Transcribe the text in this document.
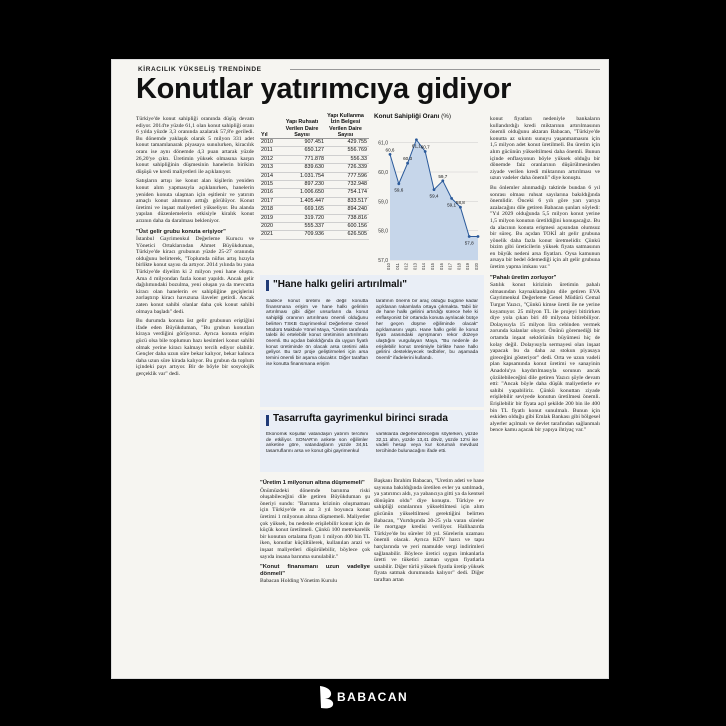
KİRACILIK YÜKSELİŞ TRENDİNDE
Konutlar yatırımcıya gidiyor

Türkiye'de konut sahipliği oranında düşüş devam ediyor. 2014'te yüzde 61,1 olan konut sahipliği oranı 6 yılda yüzde 3,3 oranında azalarak 57,8'e geriledi. Bu dönemde yaklaşık olarak 5 milyon 331 adet konut tamamlanarak piyasaya sunulurken, kiracılık oranı ise aynı dönemde 4,3 puan artarak yüzde 26,20'ye çıktı. Üretimin yüksek olmasına karşın konut sahipliğinin düşmesinin hanelerin birikim düşüşü ve kredi maliyetleri ile açıklanıyor.

Satışların artışı ise konut alan kişilerin yeniden konut alım yapmasıyla açıklanırken, hanelerin yeniden konuta ulaşman için eşitlenir ve yatırım amaçlı konut alımının arttığı görülüyor. Konut üretimi ve inşaat maliyetleri yükseliyor. Bu alanda yapılan düzenlemelerin etkisiyle kiralık konut arzının daha da daralması bekleniyor.

"Üst gelir grubu konuta erişiyor"

İstanbul Gayrimenkul Değerleme Kurucu ve Yönetici Ortaklarından Ahmet Büyükduman, Türkiye'de kiracı grubunun yüzde 25-27 oranında olduğunu belirterek, "Toplumda nüfus artış hızıyla birlikte konut sayısı da artıyor. 2014 yılında bu yana Türkiye'de diyelim ki 2 milyon yeni hane oluştu. Ama 4 milyondan fazla konut yapıldı. Ancak gelir dağılımındaki bozulma, yeni oluşan ya da mevcutta kiracı olan hanelerin ev sahipliğine geçişlerini zorlaştırıp kiracı havuzuna ilaveler getirdi. Ancak zaten konut sahibi olanlar daha çok konut sahibi olmaya başladı" dedi.

Bu durumda konuta üst gelir grubunun eriştiğini ifade eden Büyükduman, "Bu grubun konutları kiraya verdiğini görüyoruz. Ayrıca konuta erişim gücü olsa bile toplumun bazı kesimleri konut sahibi olmak yerine kiracı kalmayı tercih ediyor olabilir. Gençler daha uzun süre bekar kalıyor, bekar kalınca daha uzun süre kirada kalıyor. Bu grubun da toplum içindeki payı artıyor. Bir de böyle bir sosyolojik gerçeklik var" dedi.

Yıl
Yapı Ruhsatı Verilen Daire Sayısı
Yapı Kullanma İzin Belgesi Verilen Daire Sayısı
2010	907.451	429.755
2011	650.127	556.769
2012	771.878	556.33
2013	839.630	726.339
2014	1.031.754	777.596
2015	897.230	732.948
2016	1.006.650	754.174
2017	1.405.447	833.517
2018	669.165	894.240
2019	319.720	738.816
2020	555.337	600.156
2021	709.936	626.505
Konut Sahipliği Oranı (%)
61,0
60,0
59,0
58,0
57,0
60,6
59,6
60,3
61,1 60,7
59,4
59,7
59,1 58,8
57,8
2010 2011 2012 2013 2014 2015 2016 2017 2018 2019 2020
"Hane halkı geliri artırılmalı"
Sadece konut üretimi ile değil konutta finansmana erişim ve hane halkı gelirinin artırılması gibi diğer unsurların da konut sahipliği oranının artırılması önemli olduğunu belirten TSKB Gayrimenkul Değerleme Genel Müdürü Makbule Yönel Maya, "Üretim tarafında talebi iki ertelebilir konut üretiminin artırılması önemli. Bu açıdan bakıldığında da uygun fiyatlı konut üretiminde ön olacak arsa üretimi akla geliyor. Bu tarz proje geliştirmeleri için arsa temini önemli bir aşama olacaktır. Diğer taraftan ise konutta finansmana erişim
tarafının önemli bir araç olduğu bugüne kadar açıklanan rakamlarla ortaya çıkmakta. Tabii bir de hane halkı gelirini artırdığı sürece hele ki enflasyonist bir ortamda konuta ayrılacak bütçe her geçen düşme eğiliminde olacak" açıklamasını yaptı. Hane halkı geliri ile konut fiyatı arasındaki ayrışmanın rekor düzeye ulaştığını vurgulayan Maya, "Bu nedenle de erişilebilir konut üretimiyle birlikte hane halkı gelirini destekleyecek tedbirler, bu aşamada önemli" ifadelerini kullandı.
Tasarrufta gayrimenkul birinci sırada
Ekonomik koşullar vatandaşın yatırım tercihini de etkiliyor. SONAR'ın ankete son eğilimler anketine göre, vatandaşların yüzde 34,51 tasarruflarını arsa ve konut gibi gayrimenkul
varlıklarda değerlendireceğini söylerken, yüzde 32,11 altın, yüzde 13,41 döviz, yüzde 12'si ise vadeli hesap veya kur korumalı mevduat tercihinde bulunacağını ifade etti.
"Üretim 1 milyonun altına düşmemeli"

Önümüzdeki dönemde barınma riski oluşabileceğini dile getiren Büyükduman şu öneriyi sundu: "Barınma krizinin oluşmaması için Türkiye'de en az 3 yıl boyunca konut üretimi 1 milyonun altına düşmemeli. Maliyetler çok yüksek, bu nedenle erişilebilir konut için de küçük konut üretilmeli. Çünkü 100 metrekarelik bir konutun ortalama fiyatı 1 milyon 400 bin TL iken, konutlar küçültülerek, kullanılan arazi ve inşaat maliyetleri düşürülebilir, böylece çok sayıda insana barınma sunulabilir."

"Konut finansmanı uzun vadeliye dönmeli"

Babacan Holding Yönetim Kurulu

Başkanı İbrahim Babacan, "Üretim adeti ve hane sayısına bakıldığında üretilen evler ya satılmadı, ya yatırımcı aldı, ya yabancıya gitti ya da kentsel dönüşüm oldu" diye konuştu. Türkiye ev sahipliği oranlarının yükseltilmesi için alım gücünün yükseltilmesi gerektiğini belirten Babacan, "Yurtdışında 20-25 yıla varan süreler ile mortgage kredisi veriliyor. Halihazırda Türkiye'de bu süreler 10 yıl. Sürelerin uzaması önemli olacak. Ayrıca KDV harcı ve tapu harçlarında ve yeri mamulde vergi indirimleri sağlanabilir. Böylece üretici uygun imkanlarla üretti ve tüketici zaman uygun fiyatlarla satabilir. Diğer türlü yüksek fiyatla üretip yüksek fiyata satmak durumunda kalıyor" dedi. Diğer taraftan artan

konut fiyatları nedeniyle bankaların kullandırdığı kredi miktarının artırılmasının önemli olduğunu aktaran Babacan, "Türkiye'de konutta az sıkıntı sunuyu yaşanmamasını için 1,5 milyon adet konut üretilmeli. Bu üretim için alım gücünün yükseltilmesi daha önemli. Bunun içinde enflasyonun böyle yüksek olduğu bir dönemde faiz oranlarının düşürülmesinden ziyade verilen kredi miktarının artırılması ve uzun vadeler daha önemli" diye konuştu.

Bu önlemler alınmadığı taktirde bundan 6 yıl sonrası olması ruhsat sayılarına bakıldığında önemlidir. Önceki 6 yılı göre yarı yarıya azalacağını dile getiren Babacan şunları söyledi: "Yıl 2029 olduğunda 5,5 milyon konut yerine 1,5 milyon konutun üretildiğini konuşacağız. Bu da alacının konuta erişmesi açısından olumsuz bir süreç. Bu açıdan TOKİ alt gelir grubuna yönelik daha fazla konut üretmelidir. Çünkü bizim gibi üreticilerin yüksek fiyata satmasının en büyük nedeni arsa fiyatları. Oysa kamunun arsaya bir bedel ödemediği için alt gelir grubuna üretim yapma imkanı var."

"Pahalı üretim zorluyor"

Satılık konut kirizinin üretimin pahalı olmasından kaynaklandığını dile getiren EVA Gayrimenkul Değerleme Genel Müdürü Cemal Turgut Yazıcı, "Çünkü kimse üretti ile ne yerine koyamıyor. 25 milyon TL ile projeyi bitirirken diye yola çıkan biri 40 milyona bitirebiliyor. Dolayısıyla 15 milyon lira cebinden vermek zorunda kalanlar oluyor. Önünü göremediği bir ortamda inşaat sektörünün büyümesi hiç de kolay değil. Dolayısıyla sermayesi olan inşaat yapacak bu da daha az stokun piyasaya gireceğini gösteriyor" dedi. Orta ve uzun vadeli plan kapsamında konut üretimi ve sanayinin Anadolu'ya kaydırılmasıyla sorunun ancak çözülebileceğini dile getiren Yazıcı şöyle devam etti: "Ancak böyle daha düşük maliyetlerle ev sahibi yapabiliriz. Çünkü konuttan ziyade erişilebilir seviyede konutun üretilmesi önemli. Erişilebilir bir fiyata açıl şekilde 200 bin ile 400 bin TL fiyatlı konut sunulmalı. Bunun için eskiden olduğu gibi Emlak Bankası gibi bölgesel alyerler açılmalı ve devlet tarafından sağlanmalı bence kamu açacak bir yapıya ihtiyaç var."

BABACAN
